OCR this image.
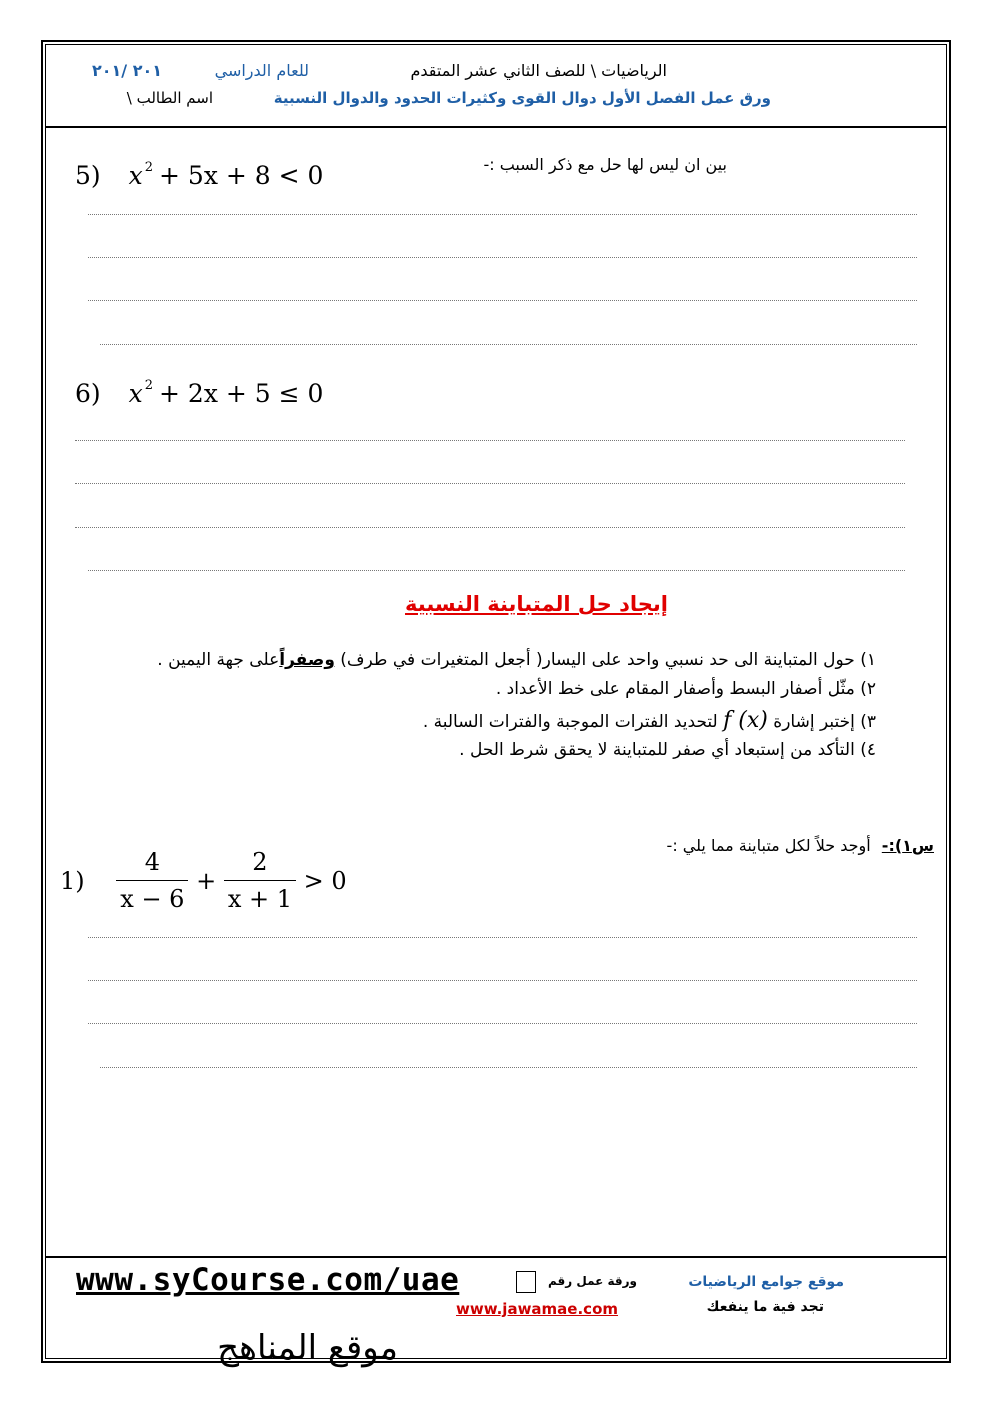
الرياضيات \ للصف الثاني عشر المتقدم
للعام الدراسي
٢٠١ /٢٠١
ورق عمل الفصل الأول دوال القوى وكثيرات الحدود والدوال النسبية
اسم الطالب \
بين ان ليس لها حل مع ذكر السبب :-
5) x $^2$ + 5x + 8 < 0
6) x $^2$ + 2x + 5 ≤ 0
إيجاد حل المتباينة النسبية
١) حول المتباينة الى حد نسبي واحد على اليسار( أجعل المتغيرات في طرف) وصفراًعلى جهة اليمين .
٢) مثّل أصفار البسط وأصفار المقام على خط الأعداد .
٣) إختبر إشارة f (x) لتحديد الفترات الموجبة والفترات السالبة .
٤) التأكد من إستبعاد أي صفر للمتباينة لا يحقق شرط الحل .
س١):- أوجد حلاً لكل متباينة مما يلي :-
$1) \frac{4}{x - 6} + \frac{2}{x + 1} > 0$
www.syCourse.com/uae	ورقة عمل رقم
www.jawamae.com
موقع جوامع الرياضيات
تجد فية ما ينفعك
موقع المناهج
